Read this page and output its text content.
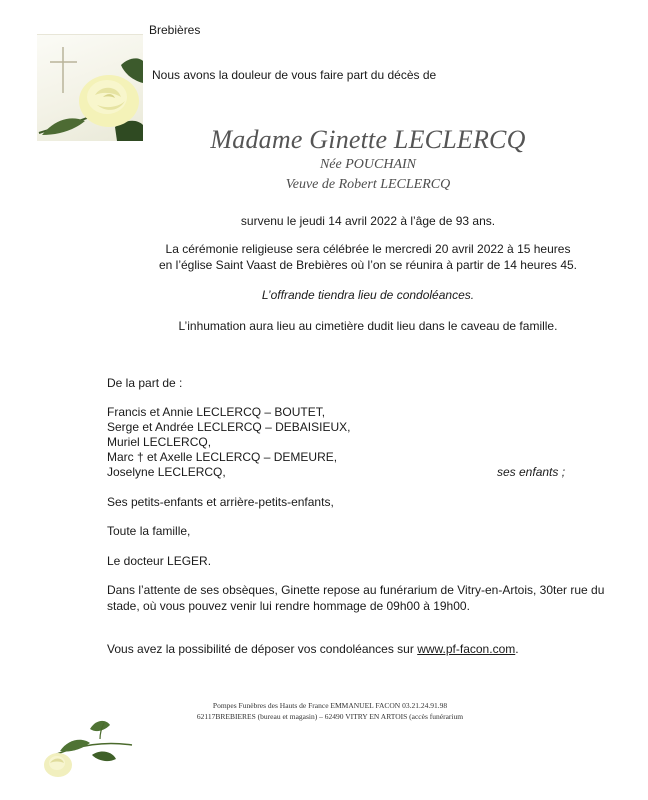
Brebières

Nous avons la douleur de vous faire part du décès de

Madame Ginette LECLERCQ

Née POUCHAIN

Veuve de Robert LECLERCQ

survenu le jeudi 14 avril 2022 à l’âge de 93 ans.

La cérémonie religieuse sera célébrée le mercredi 20 avril 2022 à 15 heures

en l’église Saint Vaast de Brebières où l’on se réunira à partir de 14 heures 45.

L’offrande tiendra lieu de condoléances.

L’inhumation aura lieu au cimetière dudit lieu dans le caveau de famille.

De la part de :

Francis et Annie LECLERCQ – BOUTET,
Serge et Andrée LECLERCQ – DEBAISIEUX,
Muriel LECLERCQ,
Marc † et Axelle LECLERCQ – DEMEURE,
Joselyne LECLERCQ,	ses enfants ;

Ses petits-enfants et arrière-petits-enfants,

Toute la famille,

Le docteur LEGER.

Dans l’attente de ses obsèques, Ginette repose au funérarium de Vitry-en-Artois, 30ter rue du

stade, où vous pouvez venir lui rendre hommage de 09h00 à 19h00.

Vous avez la possibilité de déposer vos condoléances sur www.pf-facon.com.

Pompes Funèbres des Hauts de France EMMANUEL FACON 03.21.24.91.98

62117BREBIERES (bureau et magasin) – 62490 VITRY EN ARTOIS (accès funérarium
